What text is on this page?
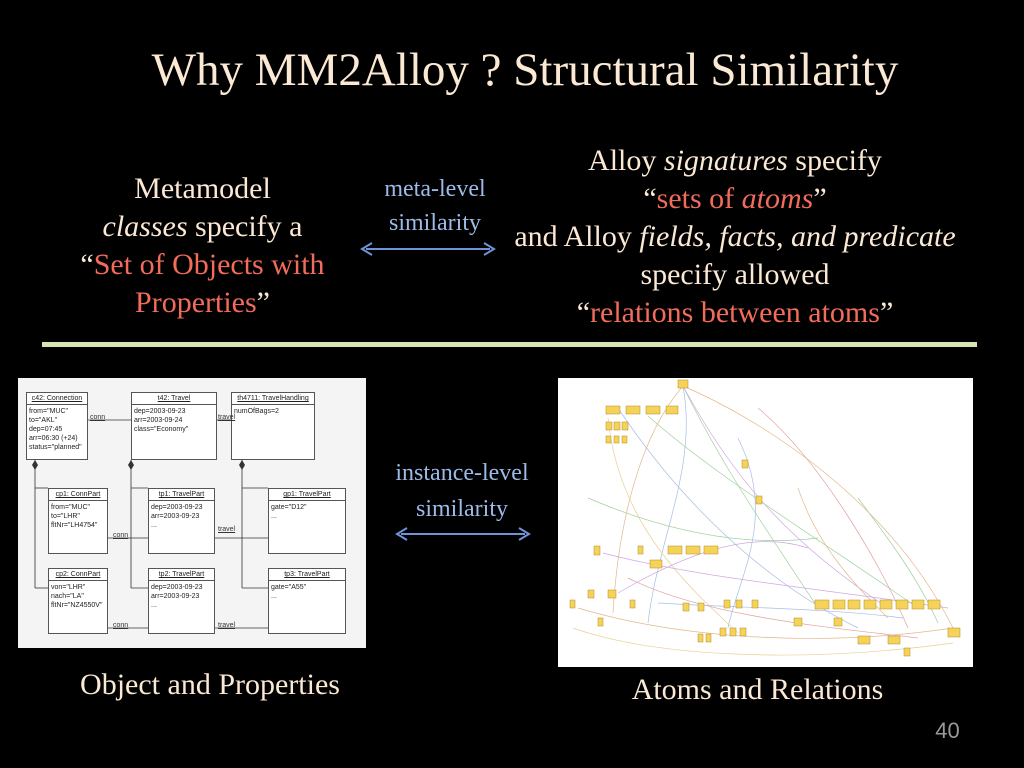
Why MM2Alloy ? Structural Similarity
Metamodel
classes specify a
“Set of Objects with Properties”
meta-level
similarity
Alloy signatures specify
“sets of atoms”
and Alloy fields, facts, and predicate specify allowed
“relations between atoms”
c42: Connection
from="MUC"
to="AKL"
dep=07:45
arr=06:30 (+24)
status="planned"
t42: Travel
dep=2003-09-23
arr=2003-09-24
class="Economy"
th4711: TravelHandling
numOfBags=2
cp1: ConnPart
from="MUC"
to="LHR"
fltNr="LH4754"
tp1: TravelPart
dep=2003-09-23
arr=2003-09-23
...
gp1: TravelPart
gate="D12"
...
cp2: ConnPart
von="LHR"
nach="LA"
fltNr="NZ4550V"
tp2: TravelPart
dep=2003-09-23
arr=2003-09-23
...
tp3: TravelPart
gate="A55"
...
conn	travel
conn
travel
conn	travel
instance-level
similarity
Object and Properties	Atoms and Relations
40
